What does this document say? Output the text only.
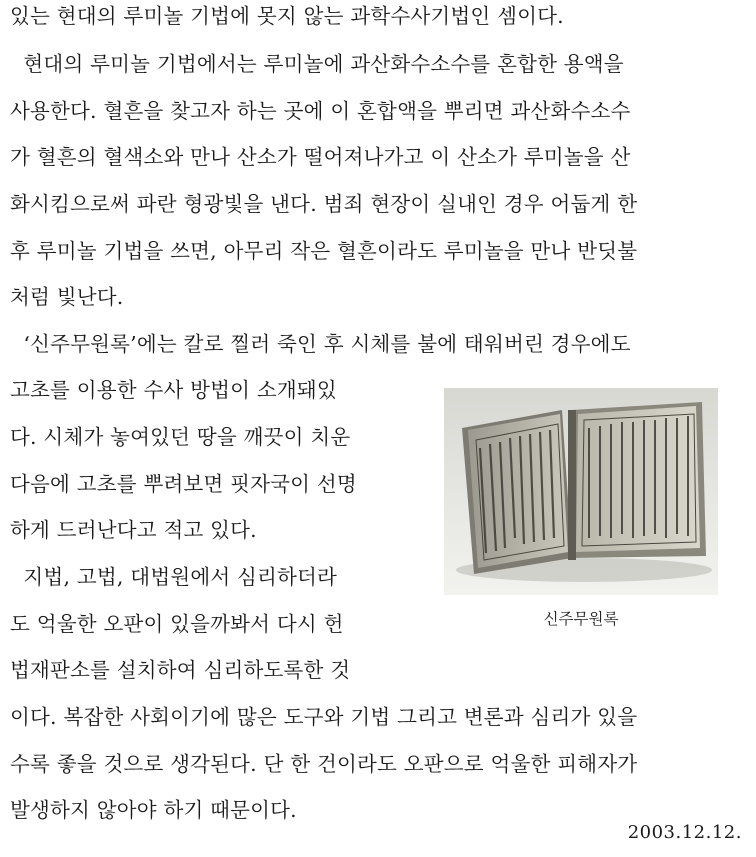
있는 현대의 루미놀 기법에 못지 않는 과학수사기법인 셈이다.
현대의 루미놀 기법에서는 루미놀에 과산화수소수를 혼합한 용액을
사용한다. 혈흔을 찾고자 하는 곳에 이 혼합액을 뿌리면 과산화수소수
가 혈흔의 혈색소와 만나 산소가 떨어져나가고 이 산소가 루미놀을 산
화시킴으로써 파란 형광빛을 낸다. 범죄 현장이 실내인 경우 어둡게 한
후 루미놀 기법을 쓰면, 아무리 작은 혈흔이라도 루미놀을 만나 반딧불
처럼 빛난다.
‘신주무원록’에는 칼로 찔러 죽인 후 시체를 불에 태워버린 경우에도
고초를 이용한 수사 방법이 소개돼있
다. 시체가 놓여있던 땅을 깨끗이 치운
다음에 고초를 뿌려보면 핏자국이 선명
하게 드러난다고 적고 있다.
지법, 고법, 대법원에서 심리하더라
도 억울한 오판이 있을까봐서 다시 헌
법재판소를 설치하여 심리하도록한 것
이다. 복잡한 사회이기에 많은 도구와 기법 그리고 변론과 심리가 있을
수록 좋을 것으로 생각된다. 단 한 건이라도 오판으로 억울한 피해자가
발생하지 않아야 하기 때문이다.
신주무원록
2003.12.12.
